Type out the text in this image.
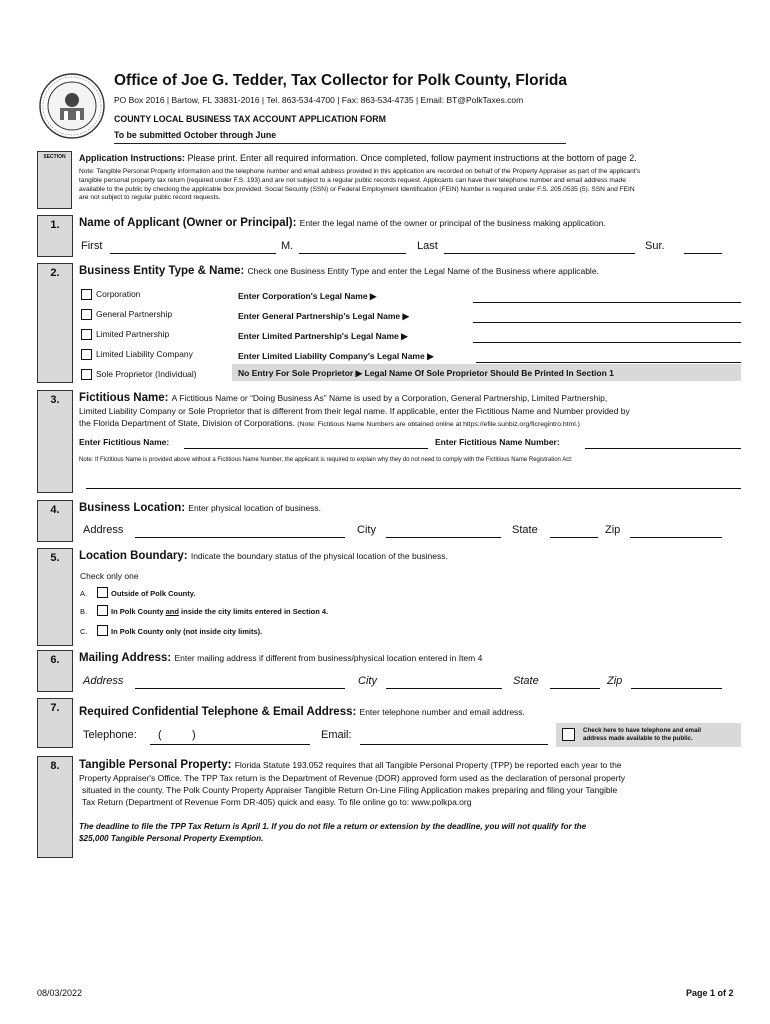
Office of Joe G. Tedder, Tax Collector for Polk County, Florida
PO Box 2016 | Bartow, FL 33831-2016 | Tel. 863-534-4700 | Fax: 863-534-4735 | Email: BT@PolkTaxes.com
COUNTY LOCAL BUSINESS TAX ACCOUNT APPLICATION FORM
To be submitted October through June
SECTION	Application Instructions: Please print. Enter all required information. Once completed, follow payment instructions at the bottom of page 2.
Note: Tangible Personal Property information and the telephone number and email address provided in this application are recorded on behalf of the Property Appraiser as part of the applicant's
tangible personal property tax return (required under F.S. 193) and are not subject to a regular public records request. Applicants can have their telephone number and email address made
available to the public by checking the applicable box provided. Social Security (SSN) or Federal Employment Identification (FEIN) Number is required under F.S. 205.0535 (5). SSN and FEIN
are not subject to regular public record requests.
1.	Name of Applicant (Owner or Principal): Enter the legal name of the owner or principal of the business making application.
First	M.	Last	Sur.
2.	Business Entity Type & Name: Check one Business Entity Type and enter the Legal Name of the Business where applicable.
Corporation	Enter Corporation's Legal Name ▶
General Partnership	Enter General Partnership's Legal Name ▶
Limited Partnership	Enter Limited Partnership's Legal Name ▶
Limited Liability Company	Enter Limited Liability Company's Legal Name ▶
Sole Proprietor (Individual)	No Entry For Sole Proprietor ▶ Legal Name Of Sole Proprietor Should Be Printed In Section 1
3.	Fictitious Name: A Fictitious Name or “Doing Business As” Name is used by a Corporation, General Partnership, Limited Partnership,
Limited Liability Company or Sole Proprietor that is different from their legal name. If applicable, enter the Fictitious Name and Number provided by
the Florida Department of State, Division of Corporations. (Note: Fictitious Name Numbers are obtained online at https://efile.sunbiz.org/ficregintro.html.)
Enter Fictitious Name:	Enter Fictitious Name Number:
Note: If Fictitious Name is provided above without a Fictitious Name Number, the applicant is required to explain why they do not need to comply with the Fictitious Name Registration Act:
4.	Business Location: Enter physical location of business.
Address	City	State	Zip
5.	Location Boundary: Indicate the boundary status of the physical location of the business.
Check only one
A.	Outside of Polk County.
B.	In Polk County and inside the city limits entered in Section 4.
C.	In Polk County only (not inside city limits).
6.	Mailing Address: Enter mailing address if different from business/physical location entered in Item 4
Address	City	State	Zip
7.	Required Confidential Telephone & Email Address: Enter telephone number and email address.
Telephone: (	)	Email:	Check here to have telephone and email
address made available to the public.
8.	Tangible Personal Property: Florida Statute 193.052 requires that all Tangible Personal Property (TPP) be reported each year to the
Property Appraiser's Office. The TPP Tax return is the Department of Revenue (DOR) approved form used as the declaration of personal property
situated in the county. The Polk County Property Appraiser Tangible Return On-Line Filing Application makes preparing and filing your Tangible
Tax Return (Department of Revenue Form DR-405) quick and easy. To file online go to: www.polkpa.org
The deadline to file the TPP Tax Return is April 1. If you do not file a return or extension by the deadline, you will not qualify for the
$25,000 Tangible Personal Property Exemption.
08/03/2022	Page 1 of 2
